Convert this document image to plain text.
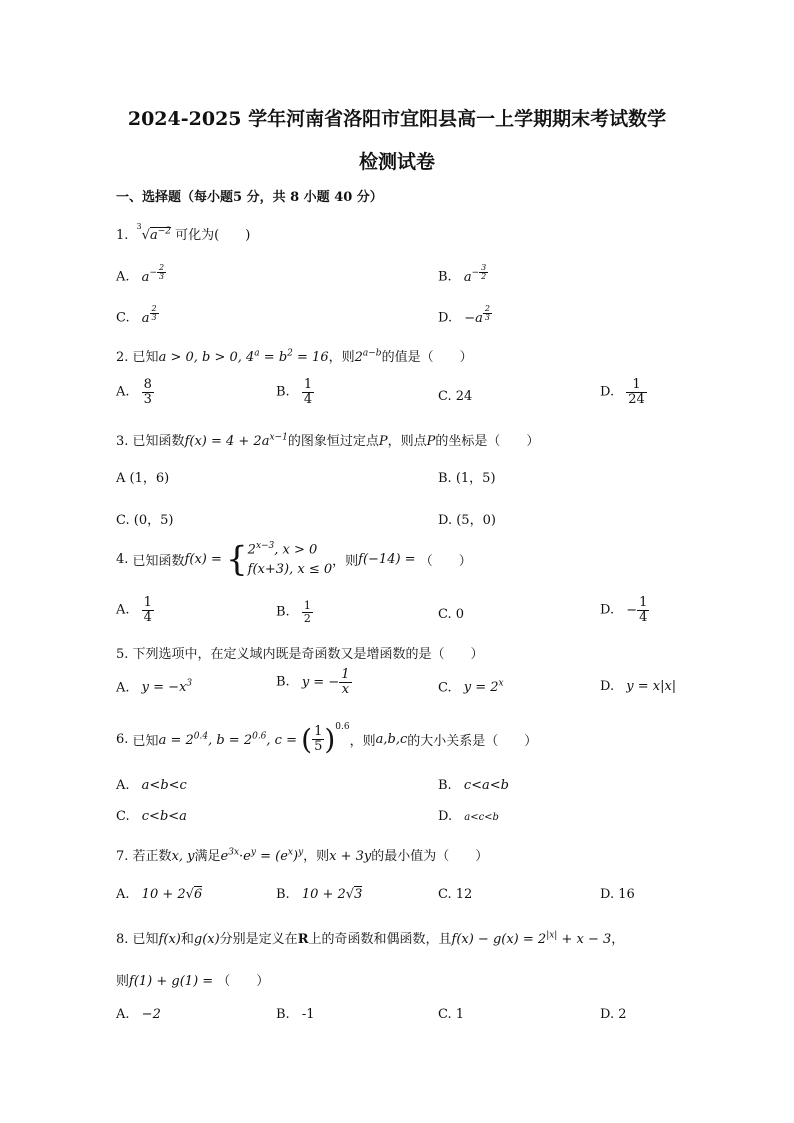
2024-2025 学年河南省洛阳市宜阳县高一上学期期末考试数学
检测试卷
一、选择题（每小题5 分，共 8 小题 40 分）
1. $^3√a^{-2}$ 可化为(　　)
A. $a^{- \frac{2}{3}}$	B. $a^{- \frac{3}{2}}$
C. a $^{\frac{2}{3}}$	D. −a $^{\frac{2}{3}}$
2. 已知a > 0, b > 0, $4^a = b^2 = 16$，则$2^{a-b}$的值是（　　）
A. $\frac{8}{3}$	B. $\frac{1}{4}$	C. 24	D. $\frac{1}{24}$
3. 已知函数$f(x) = 4 + 2a^{x-1}$的图象恒过定点P，则点P的坐标是（　　）
A (1，6)	B. (1，5)
C. (0，5)	D. (5，0)
4. 已知函数f(x) = { $2^{x-3}$, x > 0
f(x+3), x ≤ 0
，则f(−14) = （　　）
A. $\frac{1}{4}$	B. $\frac{1}{2}$	C. 0	D. − $\frac{1}{4}$
5. 下列选项中，在定义域内既是奇函数又是增函数的是（　　）
A. $y = -x^3$	B. y = − $\frac{1}{x}$	C. $y = 2^x$	D. y = x|x|
6. 已知$a = 2^{0.4}$, $b = 2^{0.6}$, c = ( $\frac{1}{5} )^{0.6}$，则a,b,c的大小关系是（　　）
A. a<b<c	B. c<a<b
C. c<b<a	D. a<c<b
7. 若正数x, y满足$e^{3x}\cdot e^y = (e^x)^y$，则x + 3y的最小值为（　　）
A. 10 + 2√6	B. 10 + 2√3	C. 12	D. 16
8. 已知f(x)和g(x)分别是定义在R上的奇函数和偶函数，且$f(x) - g(x) = 2^{|x|} + x - 3$，
则f(1) + g(1) = （　　）
A. −2	B. -1	C. 1	D. 2
